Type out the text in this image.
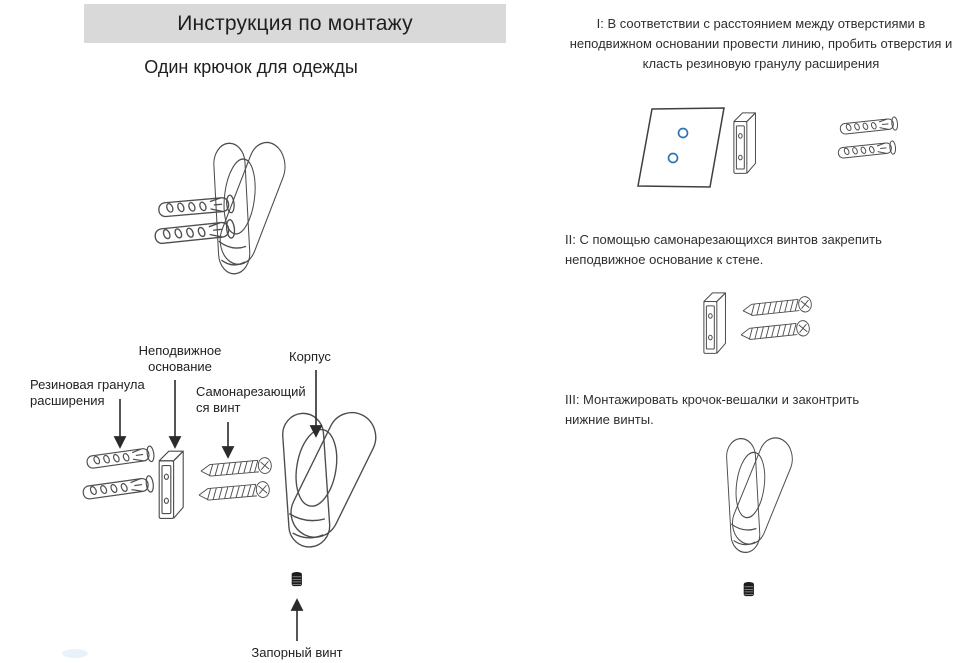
Инструкция по монтажу
Один крючок для одежды
Неподвижное
основание
Корпус
Резиновая гранула
расширения
Самонарезающий
ся винт
Запорный винт
I: В соответствии с расстоянием между отверстиями в неподвижном основании провести линию, пробить отверстия и класть резиновую гранулу расширения
II: С помощью самонарезающихся винтов закрепить неподвижное основание к стене.
III: Монтажировать крочок-вешалки и законтрить нижние винты.
